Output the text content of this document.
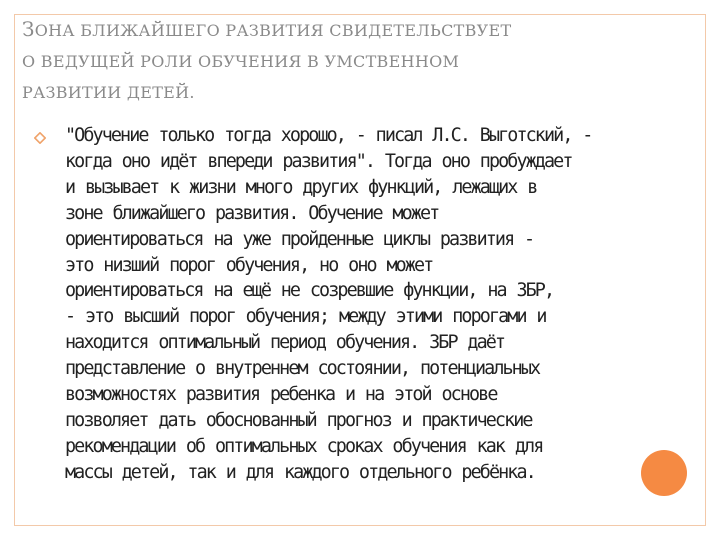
ЗОНА БЛИЖАЙШЕГО РАЗВИТИЯ СВИДЕТЕЛЬСТВУЕТ
О ВЕДУЩЕЙ РОЛИ ОБУЧЕНИЯ В УМСТВЕННОМ
РАЗВИТИИ ДЕТЕЙ.

"Обучение только тогда хорошо, - писал Л.С. Выготский, -
когда оно идёт впереди развития". Тогда оно пробуждает
и вызывает к жизни много других функций, лежащих в
зоне ближайшего развития. Обучение может
ориентироваться на уже пройденные циклы развития -
это низший порог обучения, но оно может
ориентироваться на ещё не созревшие функции, на ЗБР,
- это высший порог обучения; между этими порогами и
находится оптимальный период обучения. ЗБР даёт
представление о внутреннем состоянии, потенциальных
возможностях развития ребенка и на этой основе
позволяет дать обоснованный прогноз и практические
рекомендации об оптимальных сроках обучения как для
массы детей, так и для каждого отдельного ребёнка.
